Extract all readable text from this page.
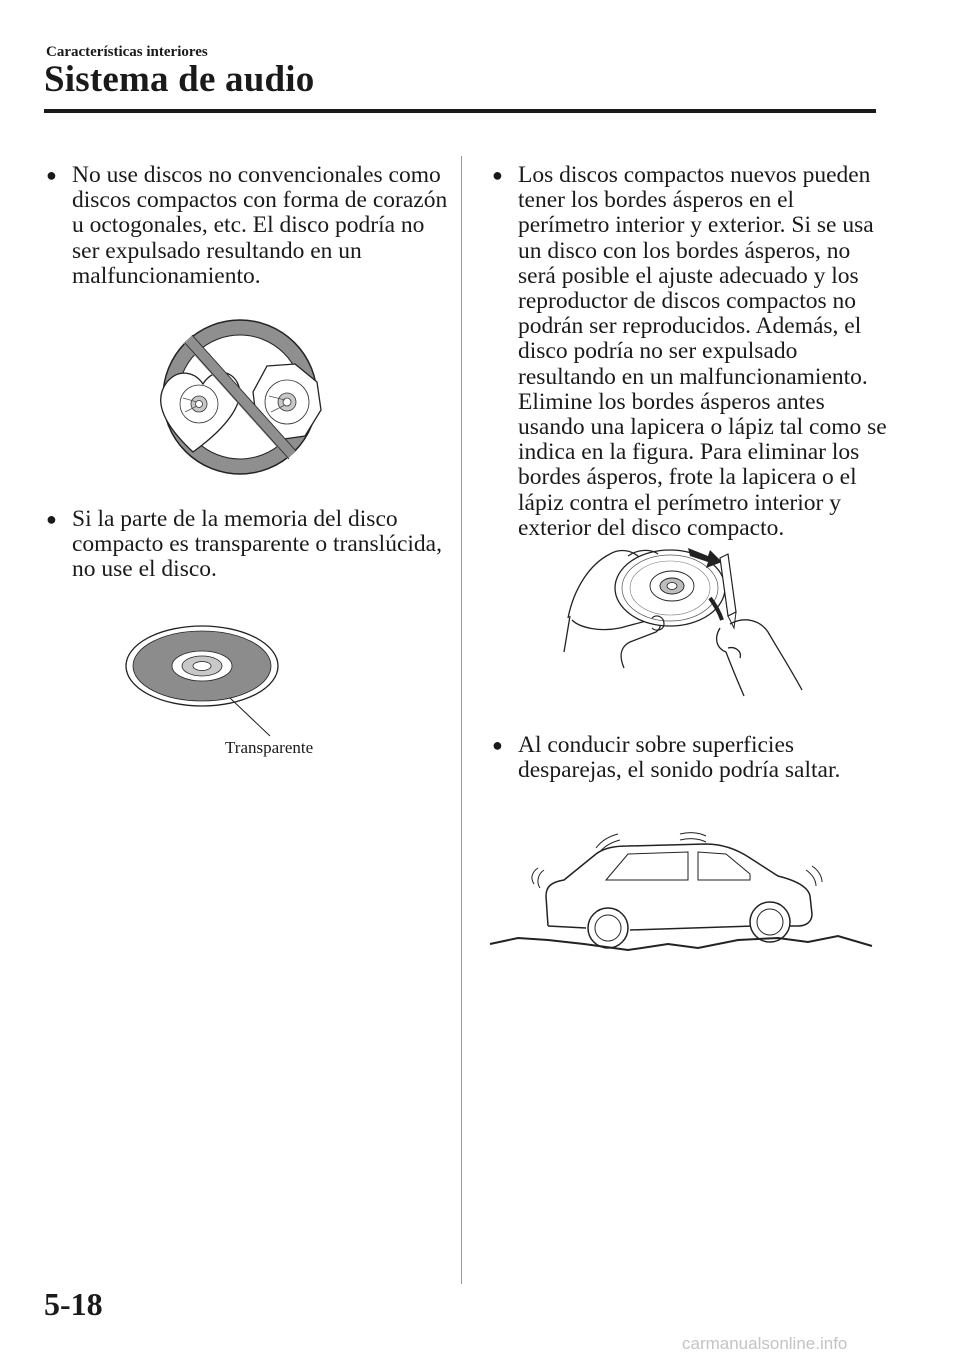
Características interiores
Sistema de audio
● No use discos no convencionales como discos compactos con forma de corazón u octogonales, etc. El disco podría no ser expulsado resultando en un malfuncionamiento.
● Si la parte de la memoria del disco compacto es transparente o translúcida, no use el disco.
Transparente
● Los discos compactos nuevos pueden tener los bordes ásperos en el perímetro interior y exterior. Si se usa un disco con los bordes ásperos, no será posible el ajuste adecuado y los reproductor de discos compactos no podrán ser reproducidos. Además, el disco podría no ser expulsado resultando en un malfuncionamiento. Elimine los bordes ásperos antes usando una lapicera o lápiz tal como se indica en la figura. Para eliminar los bordes ásperos, frote la lapicera o el lápiz contra el perímetro interior y exterior del disco compacto.
● Al conducir sobre superficies desparejas, el sonido podría saltar.
5-18
carmanualsonline.info
